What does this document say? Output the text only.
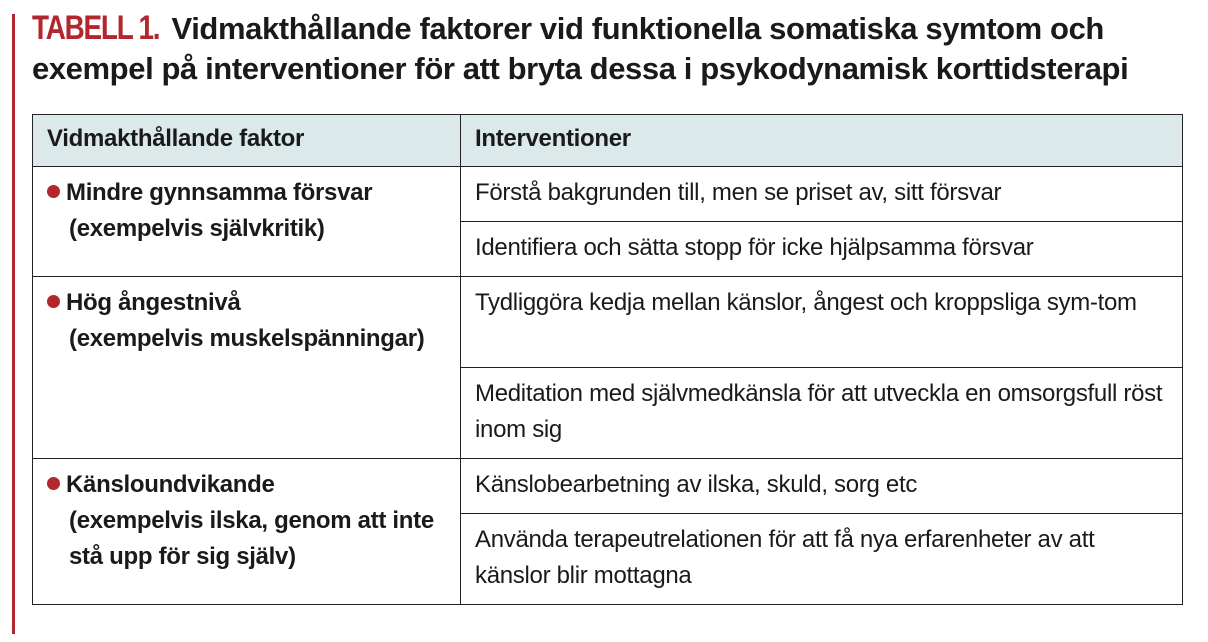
TABELL 1. Vidmakthållande faktorer vid funktionella somatiska symtom och exempel på interventioner för att bryta dessa i psykodynamisk korttidsterapi
Vidmakthållande faktor	Interventioner
Mindre gynnsamma försvar
(exempelvis självkritik)	Förstå bakgrunden till, men se priset av, sitt försvar
	Identifiera och sätta stopp för icke hjälpsamma försvar
Hög ångestnivå
(exempelvis muskelspänningar)	Tydliggöra kedja mellan känslor, ångest och kroppsliga sym-tom
	Meditation med självmedkänsla för att utveckla en omsorgsfull röst inom sig
Känsloundvikande
(exempelvis ilska, genom att inte stå upp för sig själv)	Känslobearbetning av ilska, skuld, sorg etc
	Använda terapeutrelationen för att få nya erfarenheter av att känslor blir mottagna
